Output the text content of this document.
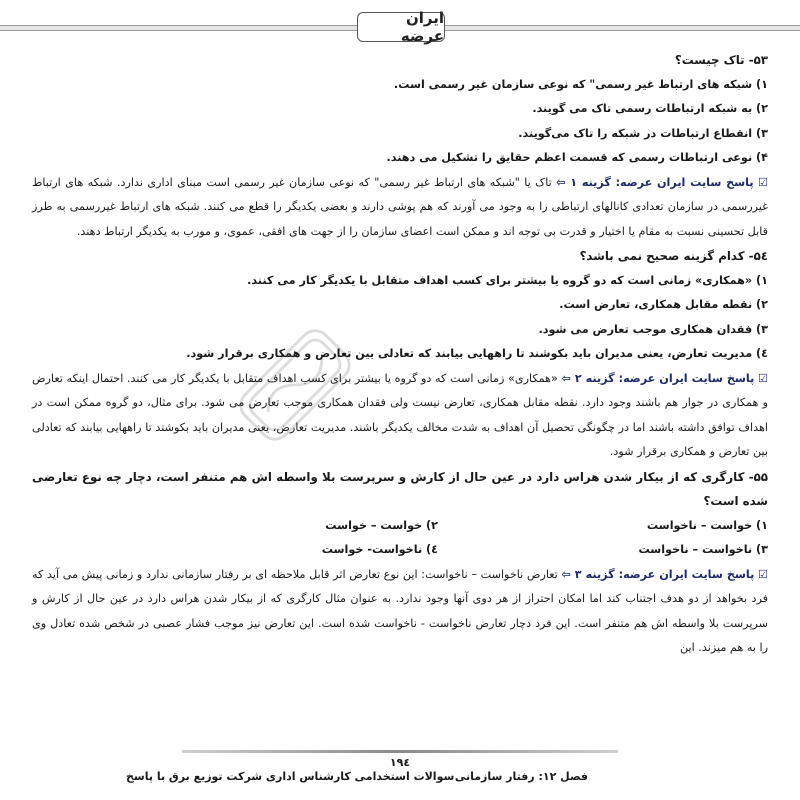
ایران عرضه

۵۳- تاک چیست؟

۱) شبکه های ارتباط غیر رسمی" که نوعی سازمان غیر رسمی است.

۲) به شبکه ارتباطات رسمی تاک می گویند.

۳) انقطاع ارتباطات در شبکه را تاک می‌گویند.

۴) نوعی ارتباطات رسمی که قسمت اعظم حقایق را تشکیل می دهند.

☑ پاسخ سایت ایران عرضه: گزینه ۱ ⇦ تاک یا "شبکه های ارتباط غیر رسمی" که نوعی سازمان غیر رسمی است مبنای اداری ندارد. شبکه های ارتباط غیررسمی در سازمان تعدادی کانالهای ارتباطی را به وجود می آورند که هم پوشی دارند و بعضی یکدیگر را قطع می کنند. شبکه های ارتباط غیررسمی به طرز قابل تحسینی نسبت به مقام یا اختیار و قدرت بی توجه اند و ممکن است اعضای سازمان را از جهت های افقی، عموی، و مورب به یکدیگر ارتباط دهند.

۵٤- کدام گزینه صحیح نمی باشد؟

۱) «همکاری» زمانی است که دو گروه یا بیشتر برای کسب اهداف متقابل با یکدیگر کار می کنند.

۲) نقطه مقابل همکاری، تعارض است.

۳) فقدان همکاری موجب تعارض می شود.

٤) مدیریت تعارض، یعنی مدیران باید بکوشند تا راههایی بیابند که تعادلی بین تعارض و همکاری برقرار شود.

☑ پاسخ سایت ایران عرضه: گزینه ۲ ⇦ «همکاری» زمانی است که دو گروه یا بیشتر برای کسب اهداف متقابل با یکدیگر کار می کنند. احتمال اینکه تعارض و همکاری در جوار هم باشند وجود دارد. نقطه مقابل همکاری، تعارض نیست ولی فقدان همکاری موجب تعارض می شود. برای مثال، دو گروه ممکن است در اهداف توافق داشته باشند اما در چگونگی تحصیل آن اهداف به شدت مخالف یکدیگر باشند. مدیریت تعارض، یعنی مدیران باید بکوشند تا راههایی بیابند که تعادلی بین تعارض و همکاری برقرار شود.

۵۵- کارگری که از بیکار شدن هراس دارد در عین حال از کارش و سرپرست بلا واسطه اش هم متنفر است، دچار چه نوع تعارضی شده است؟

۱) خواست – ناخواست
۲) خواست – خواست
۳) ناخواست – ناخواست
٤) ناخواست- خواست

☑ پاسخ سایت ایران عرضه: گزینه ۳ ⇦ تعارض ناخواست – ناخواست: این نوع تعارض اثر قابل ملاحظه ای بر رفتار سازمانی ندارد و زمانی پیش می آید که فرد بخواهد از دو هدف اجتناب کند اما امکان احتراز از هر دوی آنها وجود ندارد. به عنوان مثال کارگری که از بیکار شدن هراس دارد در عین حال از کارش و سرپرست بلا واسطه اش هم متنفر است. این فرد دچار تعارض ناخواست - ناخواست شده است. این تعارض نیز موجب فشار عصبی در شخص شده تعادل وی را به هم میزند. این

۱۹٤
فصل ۱۲: رفتار سازمانی
سوالات استخدامی کارشناس اداری شرکت توزیع برق با پاسخ
